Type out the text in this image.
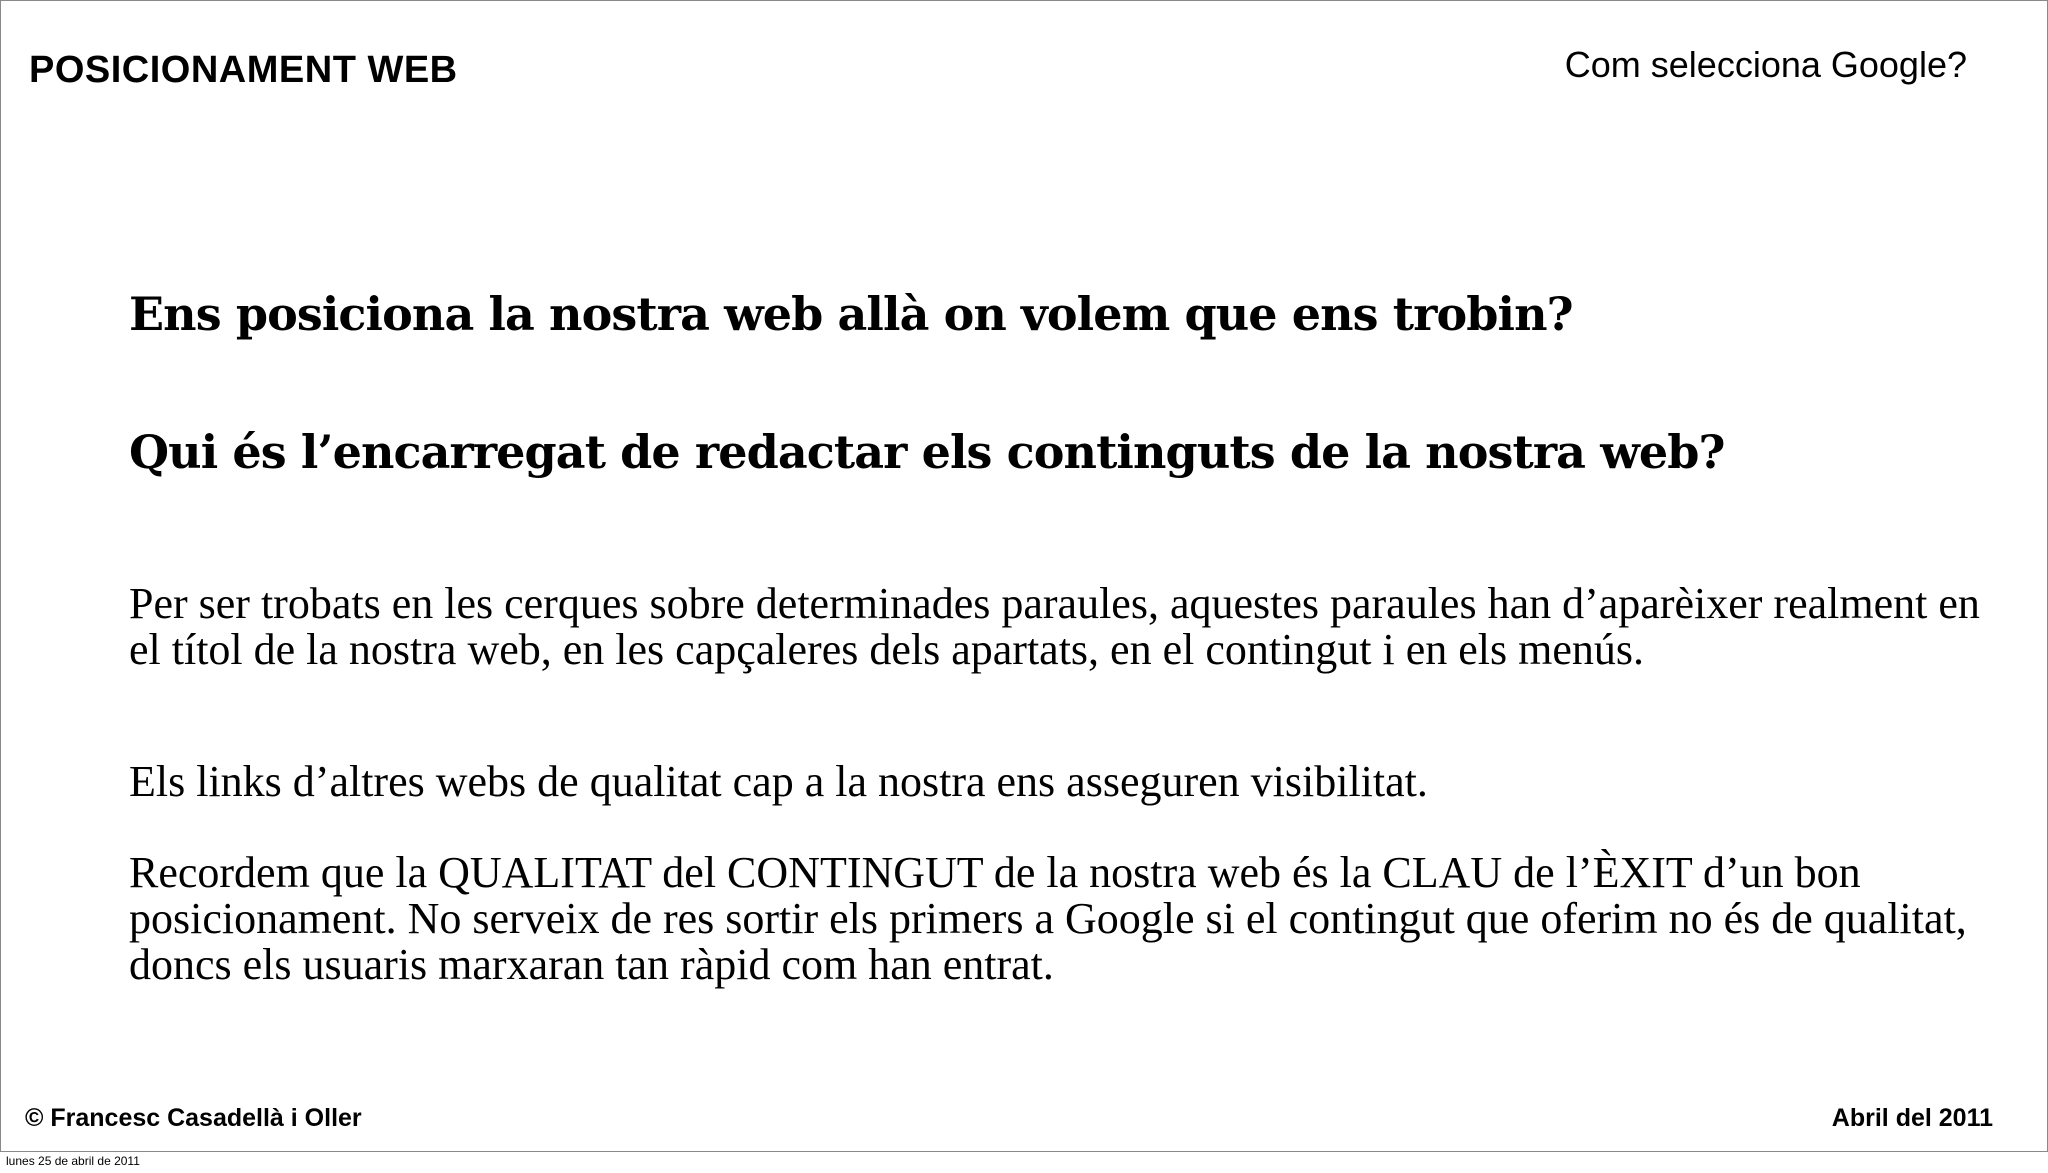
POSICIONAMENT WEB	Com selecciona Google?
Ens posiciona la nostra web allà on volem que ens trobin?
Qui és l’encarregat de redactar els continguts de la nostra web?
Per ser trobats en les cerques sobre determinades paraules, aquestes paraules han d’aparèixer realment en el títol de la nostra web, en les capçaleres dels apartats, en el contingut i en els menús.
Els links d’altres webs de qualitat cap a la nostra ens asseguren visibilitat.
Recordem que la QUALITAT del CONTINGUT de la nostra web és la CLAU de l’ÈXIT d’un bon posicionament. No serveix de res sortir els primers a Google si el contingut que oferim no és de qualitat, doncs els usuaris marxaran tan ràpid com han entrat.
© Francesc Casadellà i Oller	Abril del 2011
lunes 25 de abril de 2011
